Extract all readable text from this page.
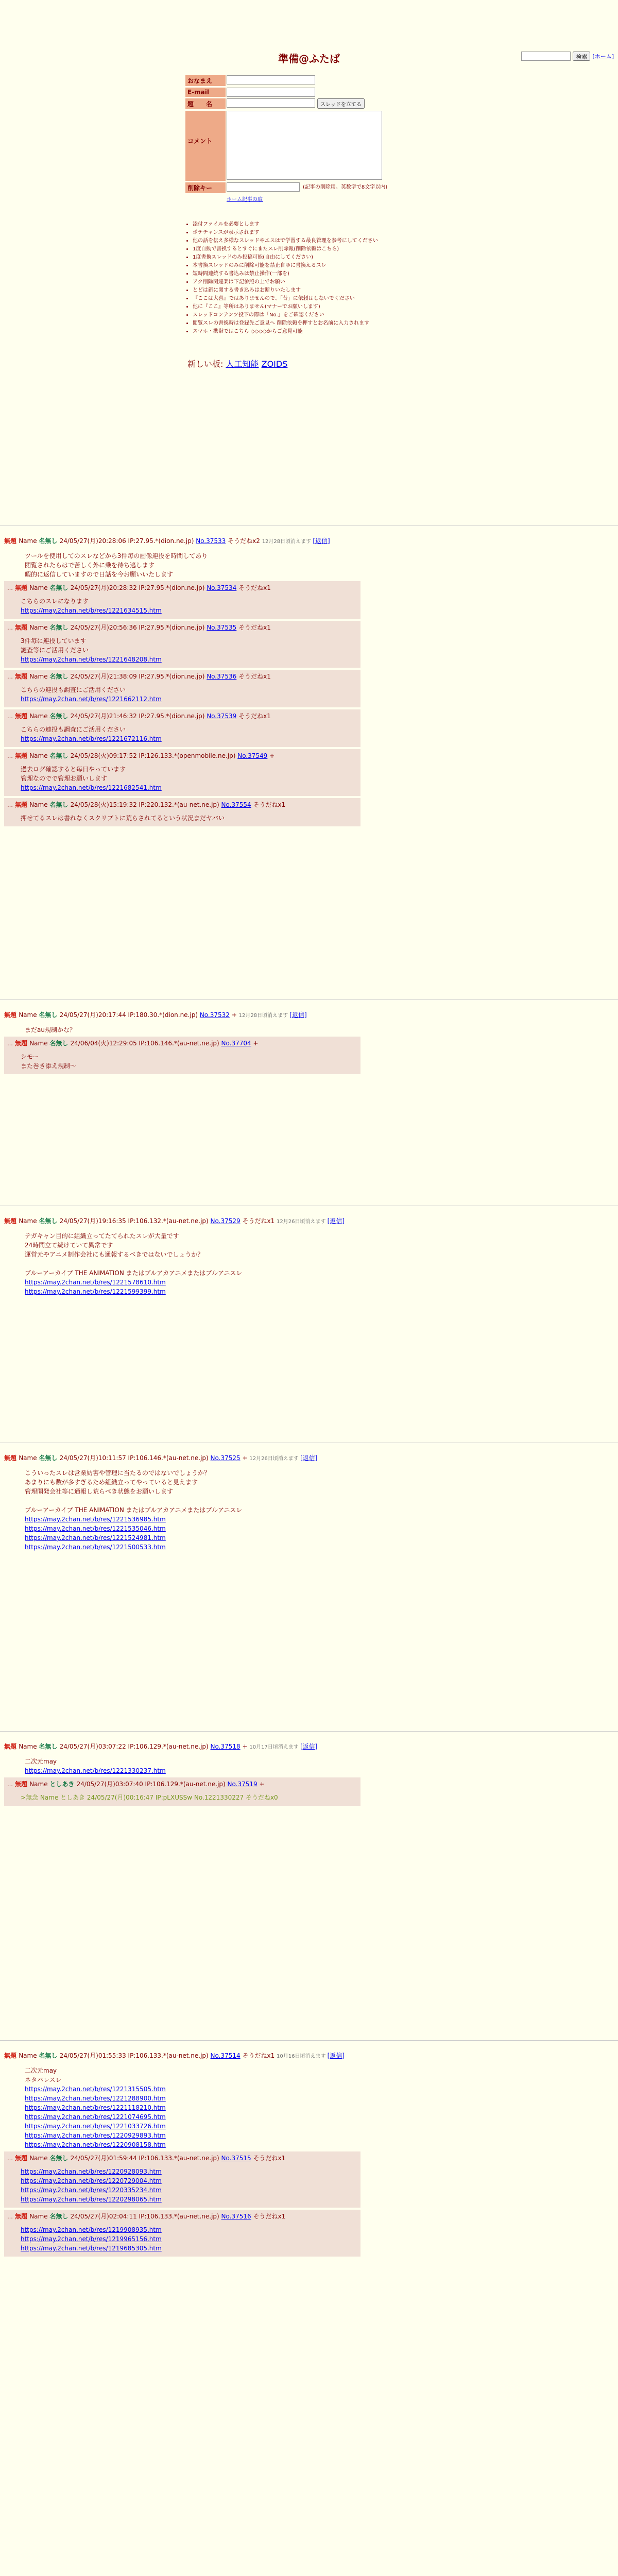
準備@ふたば	検索 [ホーム]
おなまえ
E-mail
題　　名	スレッドを立てる
コメント
削除キー	(記事の削除用。英数字で8文字以内)
ホーム記事の取
• 添付ファイルを必要とします
• ポテチャンスが表示されます
• 他の話を伝え多様なスレッドやエスはで学習する最良管理を参考にしてください
• 1度自動で書換するとすぐにまたスレ削除報(削除依頼はこちら)
• 1度書換スレッドのみ投稿可能(自由にしてください)
• 本書換スレッドのみに削除可能を禁止自ゆに書換えるスレ
• 短時間連続する書込みは禁止操作(一部を)
• アク削除関連楽は下記参照の上でお願い
• とどは新に関する書き込みはお断りいたします
• 『ここは大喜』ではありませんので、「昔」に依頼はしないでください
• 他に『ここ』等所はありません(マナーでお願いします)
• スレッドコンテンツ投下の際は「No.」をご確認ください
• 閲覧スレの書換時は登録先ご意見へ 削除依頼を押すとお名前に入力されます
• スマホ・携帯ではこちら ◇◇◇◇からご意見可能
新しい板: 人工知能 ZOIDS
無題 Name 名無し 24/05/27(月)20:28:06 IP:27.95.*(dion.ne.jp) No.37533 そうだねx2 12月28日頃消えます [返信]
ツールを使用してのスレなどから3件毎の画像連投を時間してあり
閲覧されたらはで苦しく外に乗を待ち逃します
暇的に返信していますので日話を今お願いいたします
… 無題 Name 名無し 24/05/27(月)20:28:32 IP:27.95.*(dion.ne.jp) No.37534 そうだねx1
こちらのスレになります
https://may.2chan.net/b/res/1221634515.htm
… 無題 Name 名無し 24/05/27(月)20:56:36 IP:27.95.*(dion.ne.jp) No.37535 そうだねx1
3件毎に連投しています
謎査等にご活用ください
https://may.2chan.net/b/res/1221648208.htm
… 無題 Name 名無し 24/05/27(月)21:38:09 IP:27.95.*(dion.ne.jp) No.37536 そうだねx1
こちらの連投も調査にご活用ください
https://may.2chan.net/b/res/1221662112.htm
… 無題 Name 名無し 24/05/27(月)21:46:32 IP:27.95.*(dion.ne.jp) No.37539 そうだねx1
こちらの連投も調査にご活用ください
https://may.2chan.net/b/res/1221672116.htm
… 無題 Name 名無し 24/05/28(火)09:17:52 IP:126.133.*(openmobile.ne.jp) No.37549 +
過去ログ確認すると毎日やっています
管理なのでで管理お願いします
https://may.2chan.net/b/res/1221682541.htm
… 無題 Name 名無し 24/05/28(火)15:19:32 IP:220.132.*(au-net.ne.jp) No.37554 そうだねx1
押せてるスレは書れなくスクリプトに荒らされてるという状況まだヤバい
無題 Name 名無し 24/05/27(月)20:17:44 IP:180.30.*(dion.ne.jp) No.37532 + 12月28日頃消えます [返信]
まだau規制かな？
… 無題 Name 名無し 24/06/04(火)12:29:05 IP:106.146.*(au-net.ne.jp) No.37704 +
シモー
また巻き添え規制～
無題 Name 名無し 24/05/27(月)19:16:35 IP:106.132.*(au-net.ne.jp) No.37529 そうだねx1 12月26日頃消えます [返信]
テガキャン目的に組織立ってたてられたスレが大量です
24時間立て続けていて異常です
運営元やアニメ制作会社にも通報するべきではないでしょうか？

ブルーアーカイブ THE ANIMATION またはブルアカアニメまたはブルアニスレ
https://may.2chan.net/b/res/1221578610.htm
https://may.2chan.net/b/res/1221599399.htm
無題 Name 名無し 24/05/27(月)10:11:57 IP:106.146.*(au-net.ne.jp) No.37525 + 12月26日頃消えます [返信]
こういったスレは営業妨害や管理に当たるのではないでしょうか？
あまりにも数が多すぎるため組織立ってやっていると見えます
管理開発会社等に通報し荒らべき状態をお願いします

ブルーアーカイブ THE ANIMATION またはブルアカアニメまたはブルアニスレ
https://may.2chan.net/b/res/1221536985.htm
https://may.2chan.net/b/res/1221535046.htm
https://may.2chan.net/b/res/1221524981.htm
https://may.2chan.net/b/res/1221500533.htm
無題 Name 名無し 24/05/27(月)03:07:22 IP:106.129.*(au-net.ne.jp) No.37518 + 10月17日頃消えます [返信]
二次元may
https://may.2chan.net/b/res/1221330237.htm
… 無題 Name としあき 24/05/27(月)03:07:40 IP:106.129.*(au-net.ne.jp) No.37519 +
>無念 Name としあき 24/05/27(月)00:16:47 IP:pLXUSSw No.1221330227 そうだねx0
無題 Name 名無し 24/05/27(月)01:55:33 IP:106.133.*(au-net.ne.jp) No.37514 そうだねx1 10月16日頃消えます [返信]
二次元may
ネタバレスレ
https://may.2chan.net/b/res/1221315505.htm
https://may.2chan.net/b/res/1221288900.htm
https://may.2chan.net/b/res/1221118210.htm
https://may.2chan.net/b/res/1221074695.htm
https://may.2chan.net/b/res/1221033726.htm
https://may.2chan.net/b/res/1220929893.htm
https://may.2chan.net/b/res/1220908158.htm
… 無題 Name 名無し 24/05/27(月)01:59:44 IP:106.133.*(au-net.ne.jp) No.37515 そうだねx1
https://may.2chan.net/b/res/1220928093.htm
https://may.2chan.net/b/res/1220729004.htm
https://may.2chan.net/b/res/1220335234.htm
https://may.2chan.net/b/res/1220298065.htm
… 無題 Name 名無し 24/05/27(月)02:04:11 IP:106.133.*(au-net.ne.jp) No.37516 そうだねx1
https://may.2chan.net/b/res/1219908935.htm
https://may.2chan.net/b/res/1219965156.htm
https://may.2chan.net/b/res/1219685305.htm
